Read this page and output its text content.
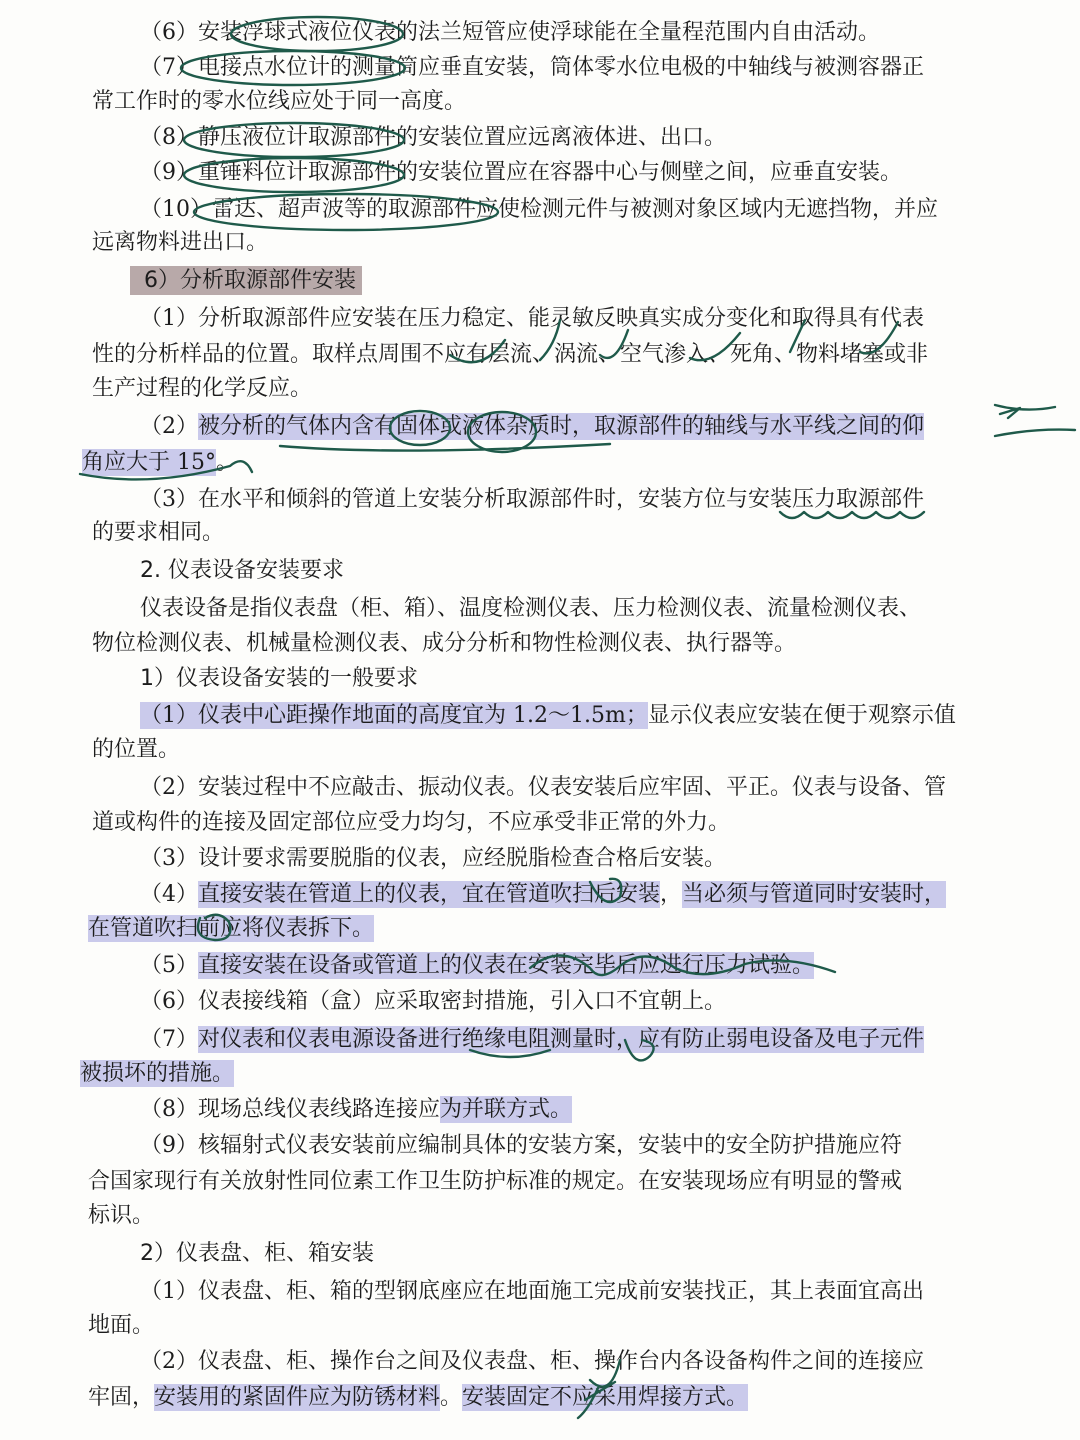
（6）安装浮球式液位仪表的法兰短管应使浮球能在全量程范围内自由活动。
（7）电接点水位计的测量筒应垂直安装，筒体零水位电极的中轴线与被测容器正
常工作时的零水位线应处于同一高度。
（8）静压液位计取源部件的安装位置应远离液体进、出口。
（9）重锤料位计取源部件的安装位置应在容器中心与侧壁之间，应垂直安装。
（10）雷达、超声波等的取源部件应使检测元件与被测对象区域内无遮挡物，并应
远离物料进出口。
6）分析取源部件安装
（1）分析取源部件应安装在压力稳定、能灵敏反映真实成分变化和取得具有代表
性的分析样品的位置。取样点周围不应有层流、涡流、空气渗入、死角、物料堵塞或非
生产过程的化学反应。
（2）被分析的气体内含有固体或液体杂质时，取源部件的轴线与水平线之间的仰
角应大于 15°。
（3）在水平和倾斜的管道上安装分析取源部件时，安装方位与安装压力取源部件
的要求相同。
2. 仪表设备安装要求
仪表设备是指仪表盘（柜、箱）、温度检测仪表、压力检测仪表、流量检测仪表、
物位检测仪表、机械量检测仪表、成分分析和物性检测仪表、执行器等。
1）仪表设备安装的一般要求
（1）仪表中心距操作地面的高度宜为 1.2～1.5m；显示仪表应安装在便于观察示值
的位置。
（2）安装过程中不应敲击、振动仪表。仪表安装后应牢固、平正。仪表与设备、管
道或构件的连接及固定部位应受力均匀，不应承受非正常的外力。
（3）设计要求需要脱脂的仪表，应经脱脂检查合格后安装。
（4）直接安装在管道上的仪表，宜在管道吹扫后安装，当必须与管道同时安装时，
在管道吹扫前应将仪表拆下。
（5）直接安装在设备或管道上的仪表在安装完毕后应进行压力试验。
（6）仪表接线箱（盒）应采取密封措施，引入口不宜朝上。
（7）对仪表和仪表电源设备进行绝缘电阻测量时，应有防止弱电设备及电子元件
被损坏的措施。
（8）现场总线仪表线路连接应为并联方式。
（9）核辐射式仪表安装前应编制具体的安装方案，安装中的安全防护措施应符
合国家现行有关放射性同位素工作卫生防护标准的规定。在安装现场应有明显的警戒
标识。
2）仪表盘、柜、箱安装
（1）仪表盘、柜、箱的型钢底座应在地面施工完成前安装找正，其上表面宜高出
地面。
（2）仪表盘、柜、操作台之间及仪表盘、柜、操作台内各设备构件之间的连接应
牢固，安装用的紧固件应为防锈材料。安装固定不应采用焊接方式。
